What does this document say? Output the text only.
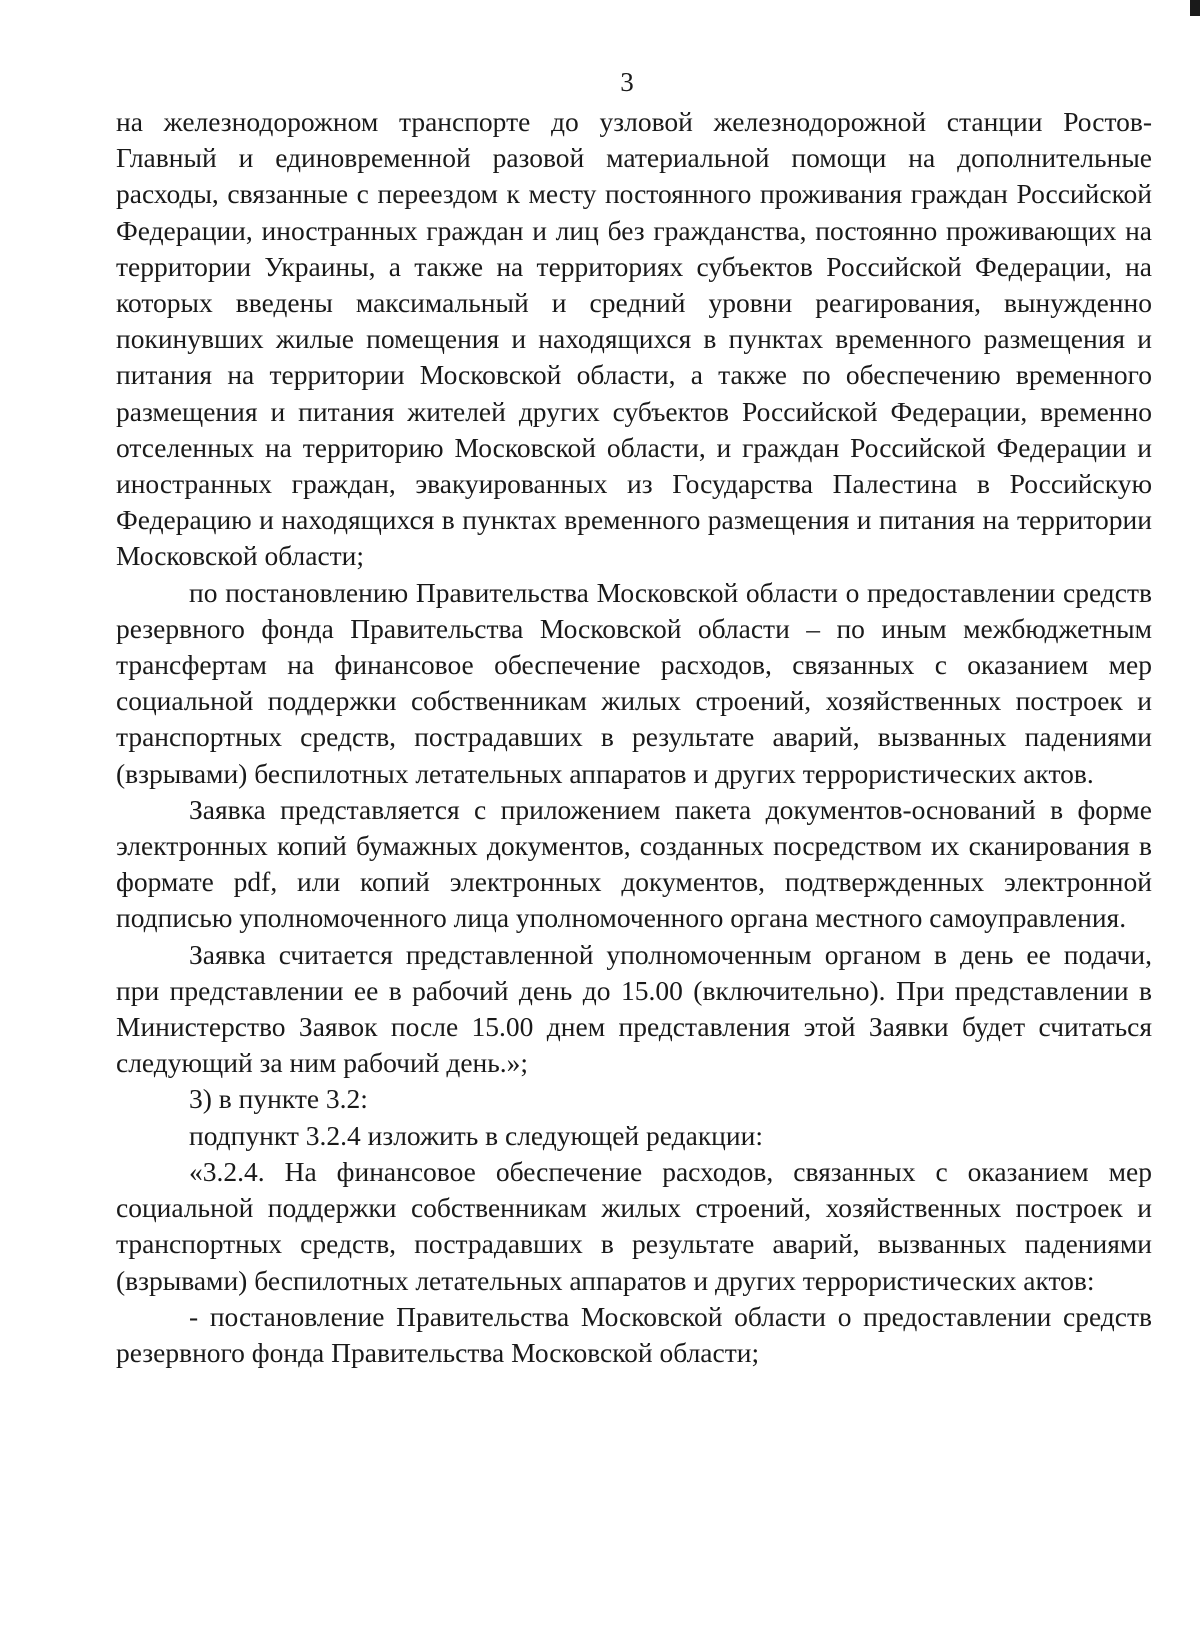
3

на железнодорожном транспорте до узловой железнодорожной станции Ростов-Главный и единовременной разовой материальной помощи на дополнительные расходы, связанные с переездом к месту постоянного проживания граждан Российской Федерации, иностранных граждан и лиц без гражданства, постоянно проживающих на территории Украины, а также на территориях субъектов Российской Федерации, на которых введены максимальный и средний уровни реагирования, вынужденно покинувших жилые помещения и находящихся в пунктах временного размещения и питания на территории Московской области, а также по обеспечению временного размещения и питания жителей других субъектов Российской Федерации, временно отселенных на территорию Московской области, и граждан Российской Федерации и иностранных граждан, эвакуированных из Государства Палестина в Российскую Федерацию и находящихся в пунктах временного размещения и питания на территории Московской области;

по постановлению Правительства Московской области о предоставлении средств резервного фонда Правительства Московской области – по иным межбюджетным трансфертам на финансовое обеспечение расходов, связанных с оказанием мер социальной поддержки собственникам жилых строений, хозяйственных построек и транспортных средств, пострадавших в результате аварий, вызванных падениями (взрывами) беспилотных летательных аппаратов и других террористических актов.

Заявка представляется с приложением пакета документов-оснований в форме электронных копий бумажных документов, созданных посредством их сканирования в формате pdf, или копий электронных документов, подтвержденных электронной подписью уполномоченного лица уполномоченного органа местного самоуправления.

Заявка считается представленной уполномоченным органом в день ее подачи, при представлении ее в рабочий день до 15.00 (включительно). При представлении в Министерство Заявок после 15.00 днем представления этой Заявки будет считаться следующий за ним рабочий день.»;

3) в пункте 3.2:

подпункт 3.2.4 изложить в следующей редакции:

«3.2.4. На финансовое обеспечение расходов, связанных с оказанием мер социальной поддержки собственникам жилых строений, хозяйственных построек и транспортных средств, пострадавших в результате аварий, вызванных падениями (взрывами) беспилотных летательных аппаратов и других террористических актов:

- постановление Правительства Московской области о предоставлении средств резервного фонда Правительства Московской области;
